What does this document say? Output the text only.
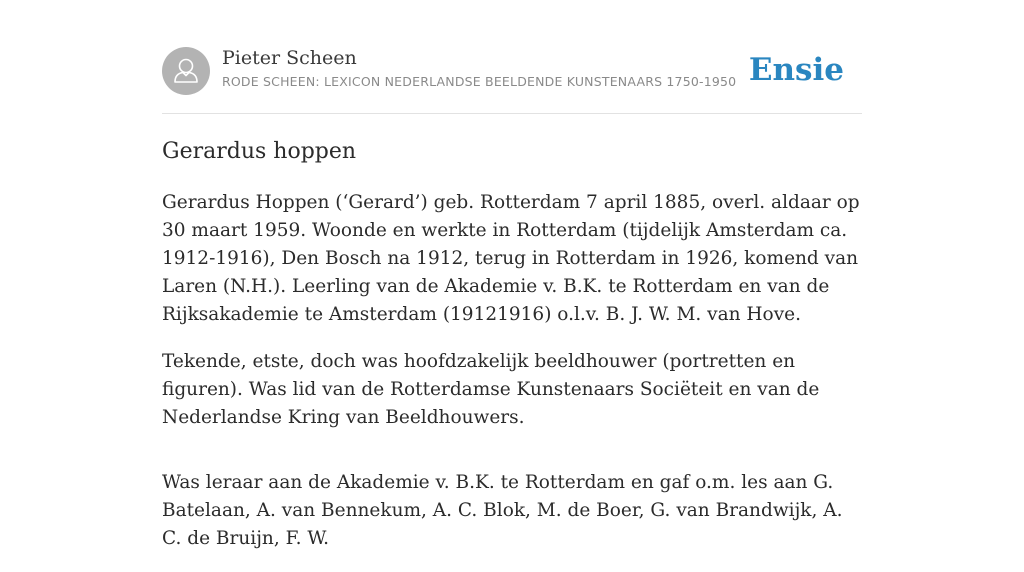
Pieter Scheen
RODE SCHEEN: LEXICON NEDERLANDSE BEELDENDE KUNSTENAARS 1750-1950 Ensie
Gerardus hoppen

Gerardus Hoppen (‘Gerard’) geb. Rotterdam 7 april 1885, overl. aldaar op 30 maart 1959. Woonde en werkte in Rotterdam (tijdelijk Amsterdam ca. 1912-1916), Den Bosch na 1912, terug in Rotterdam in 1926, komend van Laren (N.H.). Leerling van de Akademie v. B.K. te Rotterdam en van de Rijksakademie te Amsterdam (19121916) o.l.v. B. J. W. M. van Hove.

Tekende, etste, doch was hoofdzakelijk beeldhouwer (portretten en figuren). Was lid van de Rotterdamse Kunstenaars Sociëteit en van de Nederlandse Kring van Beeldhouwers.

Was leraar aan de Akademie v. B.K. te Rotterdam en gaf o.m. les aan G. Batelaan, A. van Bennekum, A. C. Blok, M. de Boer, G. van Brandwijk, A. C. de Bruijn, F. W.
